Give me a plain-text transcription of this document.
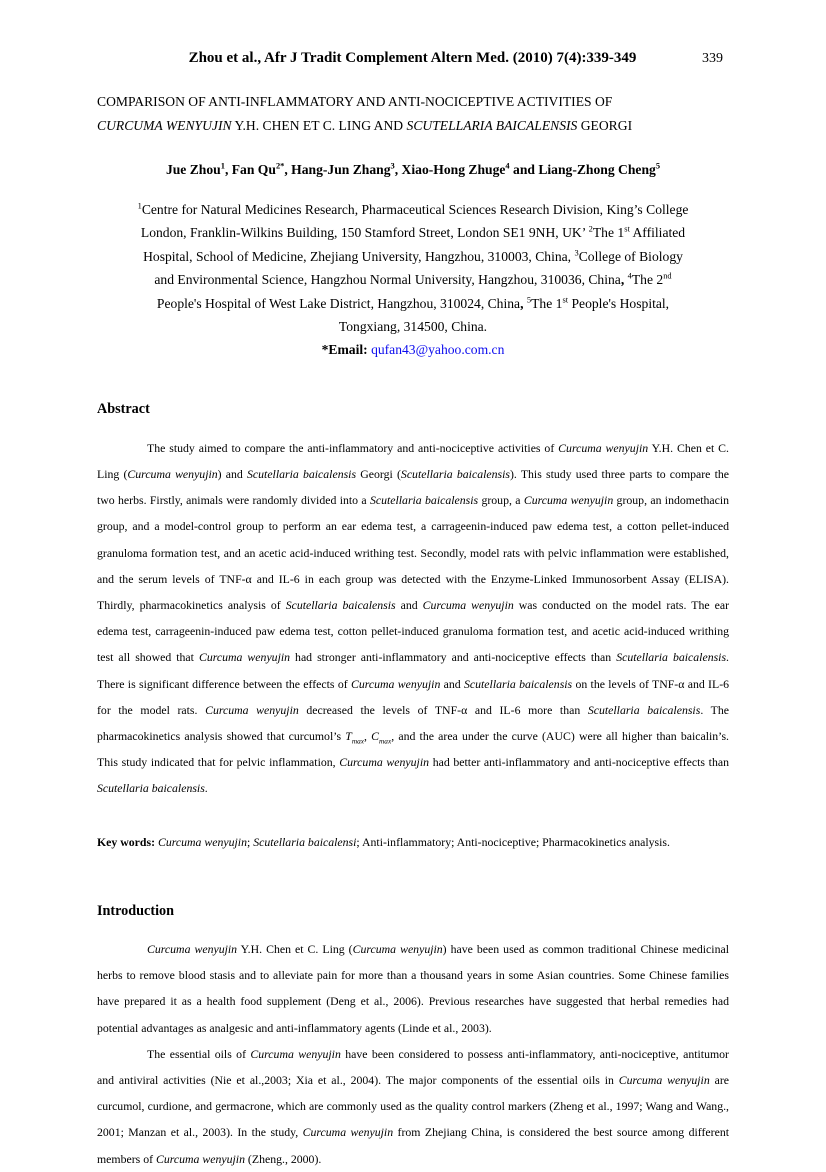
Zhou et al., Afr J Tradit Complement Altern Med. (2010) 7(4):339-349	339
COMPARISON OF ANTI-INFLAMMATORY AND ANTI-NOCICEPTIVE ACTIVITIES OF
CURCUMA WENYUJIN Y.H. CHEN ET C. LING AND SCUTELLARIA BAICALENSIS GEORGI
Jue Zhou$^1$, Fan $Qu^{2*}$, Hang-Jun Zhang$^3$, Xiao-Hong Zhuge$^4$ and Liang-Zhong Cheng$^5$
$^1$Centre for Natural Medicines Research, Pharmaceutical Sciences Research Division, King’s College
London, Franklin-Wilkins Building, 150 Stamford Street, London SE1 9NH, UK’ $^2$The 1st Affiliated
Hospital, School of Medicine, Zhejiang University, Hangzhou, 310003, China, $^3$College of Biology
and Environmental Science, Hangzhou Normal University, Hangzhou, 310036, China, $^4$The 2nd
People's Hospital of West Lake District, Hangzhou, 310024, China, $^5$The 1st People's Hospital,
Tongxiang, 314500, China.
*Email: qufan43@yahoo.com.cn
Abstract
The study aimed to compare the anti-inflammatory and anti-nociceptive activities of Curcuma wenyujin Y.H. Chen et C. Ling (Curcuma wenyujin) and Scutellaria baicalensis Georgi (Scutellaria baicalensis). This study used three parts to compare the two herbs. Firstly, animals were randomly divided into a Scutellaria baicalensis group, a Curcuma wenyujin group, an indomethacin group, and a model-control group to perform an ear edema test, a carrageenin-induced paw edema test, a cotton pellet-induced granuloma formation test, and an acetic acid-induced writhing test. Secondly, model rats with pelvic inflammation were established, and the serum levels of TNF-α and IL-6 in each group was detected with the Enzyme-Linked Immunosorbent Assay (ELISA). Thirdly, pharmacokinetics analysis of Scutellaria baicalensis and Curcuma wenyujin was conducted on the model rats. The ear edema test, carrageenin-induced paw edema test, cotton pellet-induced granuloma formation test, and acetic acid-induced writhing test all showed that Curcuma wenyujin had stronger anti-inflammatory and anti-nociceptive effects than Scutellaria baicalensis. There is significant difference between the effects of Curcuma wenyujin and Scutellaria baicalensis on the levels of TNF-α and IL-6 for the model rats. Curcuma wenyujin decreased the levels of TNF-α and IL-6 more than Scutellaria baicalensis. The pharmacokinetics analysis showed that curcumol’s $T_{max}$, $C_{max}$, and the area under the curve (AUC) were all higher than baicalin’s. This study indicated that for pelvic inflammation, Curcuma wenyujin had better anti-inflammatory and anti-nociceptive effects than Scutellaria baicalensis.
Key words: Curcuma wenyujin; Scutellaria baicalensi; Anti-inflammatory; Anti-nociceptive; Pharmacokinetics analysis.
Introduction
Curcuma wenyujin Y.H. Chen et C. Ling (Curcuma wenyujin) have been used as common traditional Chinese medicinal herbs to remove blood stasis and to alleviate pain for more than a thousand years in some Asian countries. Some Chinese families have prepared it as a health food supplement (Deng et al., 2006). Previous researches have suggested that herbal remedies had potential advantages as analgesic and anti-inflammatory agents (Linde et al., 2003).
The essential oils of Curcuma wenyujin have been considered to possess anti-inflammatory, anti-nociceptive, antitumor and antiviral activities (Nie et al.,2003; Xia et al., 2004). The major components of the essential oils in Curcuma wenyujin are curcumol, curdione, and germacrone, which are commonly used as the quality control markers (Zheng et al., 1997; Wang and Wang., 2001; Manzan et al., 2003). In the study, Curcuma wenyujin from Zhejiang China, is considered the best source among different members of Curcuma wenyujin (Zheng., 2000).
